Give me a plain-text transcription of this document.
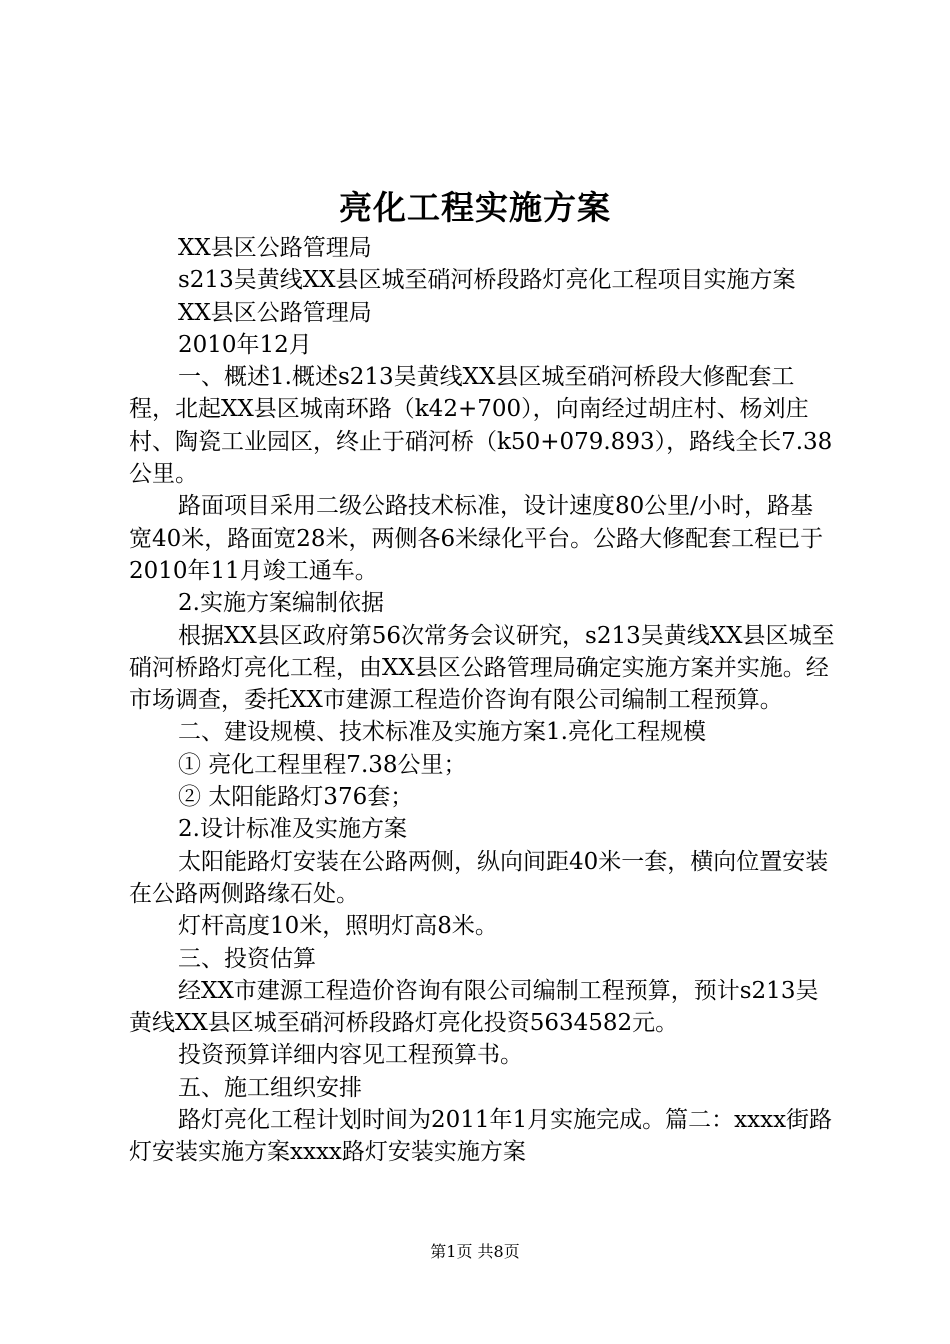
亮化工程实施方案

XX县区公路管理局

s213吴黄线XX县区城至硝河桥段路灯亮化工程项目实施方案

XX县区公路管理局

2010年12月

一、概述1.概述s213吴黄线XX县区城至硝河桥段大修配套工程，北起XX县区城南环路（k42+700），向南经过胡庄村、杨刘庄村、陶瓷工业园区，终止于硝河桥（k50+079.893），路线全长7.38公里。

路面项目采用二级公路技术标准，设计速度80公里/小时，路基宽40米，路面宽28米，两侧各6米绿化平台。公路大修配套工程已于2010年11月竣工通车。

2.实施方案编制依据

根据XX县区政府第56次常务会议研究，s213吴黄线XX县区城至硝河桥路灯亮化工程，由XX县区公路管理局确定实施方案并实施。经市场调查，委托XX市建源工程造价咨询有限公司编制工程预算。

二、建设规模、技术标准及实施方案1.亮化工程规模

① 亮化工程里程7.38公里；

② 太阳能路灯376套；

2.设计标准及实施方案

太阳能路灯安装在公路两侧，纵向间距40米一套，横向位置安装在公路两侧路缘石处。

灯杆高度10米，照明灯高8米。

三、投资估算

经XX市建源工程造价咨询有限公司编制工程预算，预计s213吴黄线XX县区城至硝河桥段路灯亮化投资5634582元。

投资预算详细内容见工程预算书。

五、施工组织安排

路灯亮化工程计划时间为2011年1月实施完成。篇二：xxxx街路灯安装实施方案xxxx路灯安装实施方案

第1页 共8页
